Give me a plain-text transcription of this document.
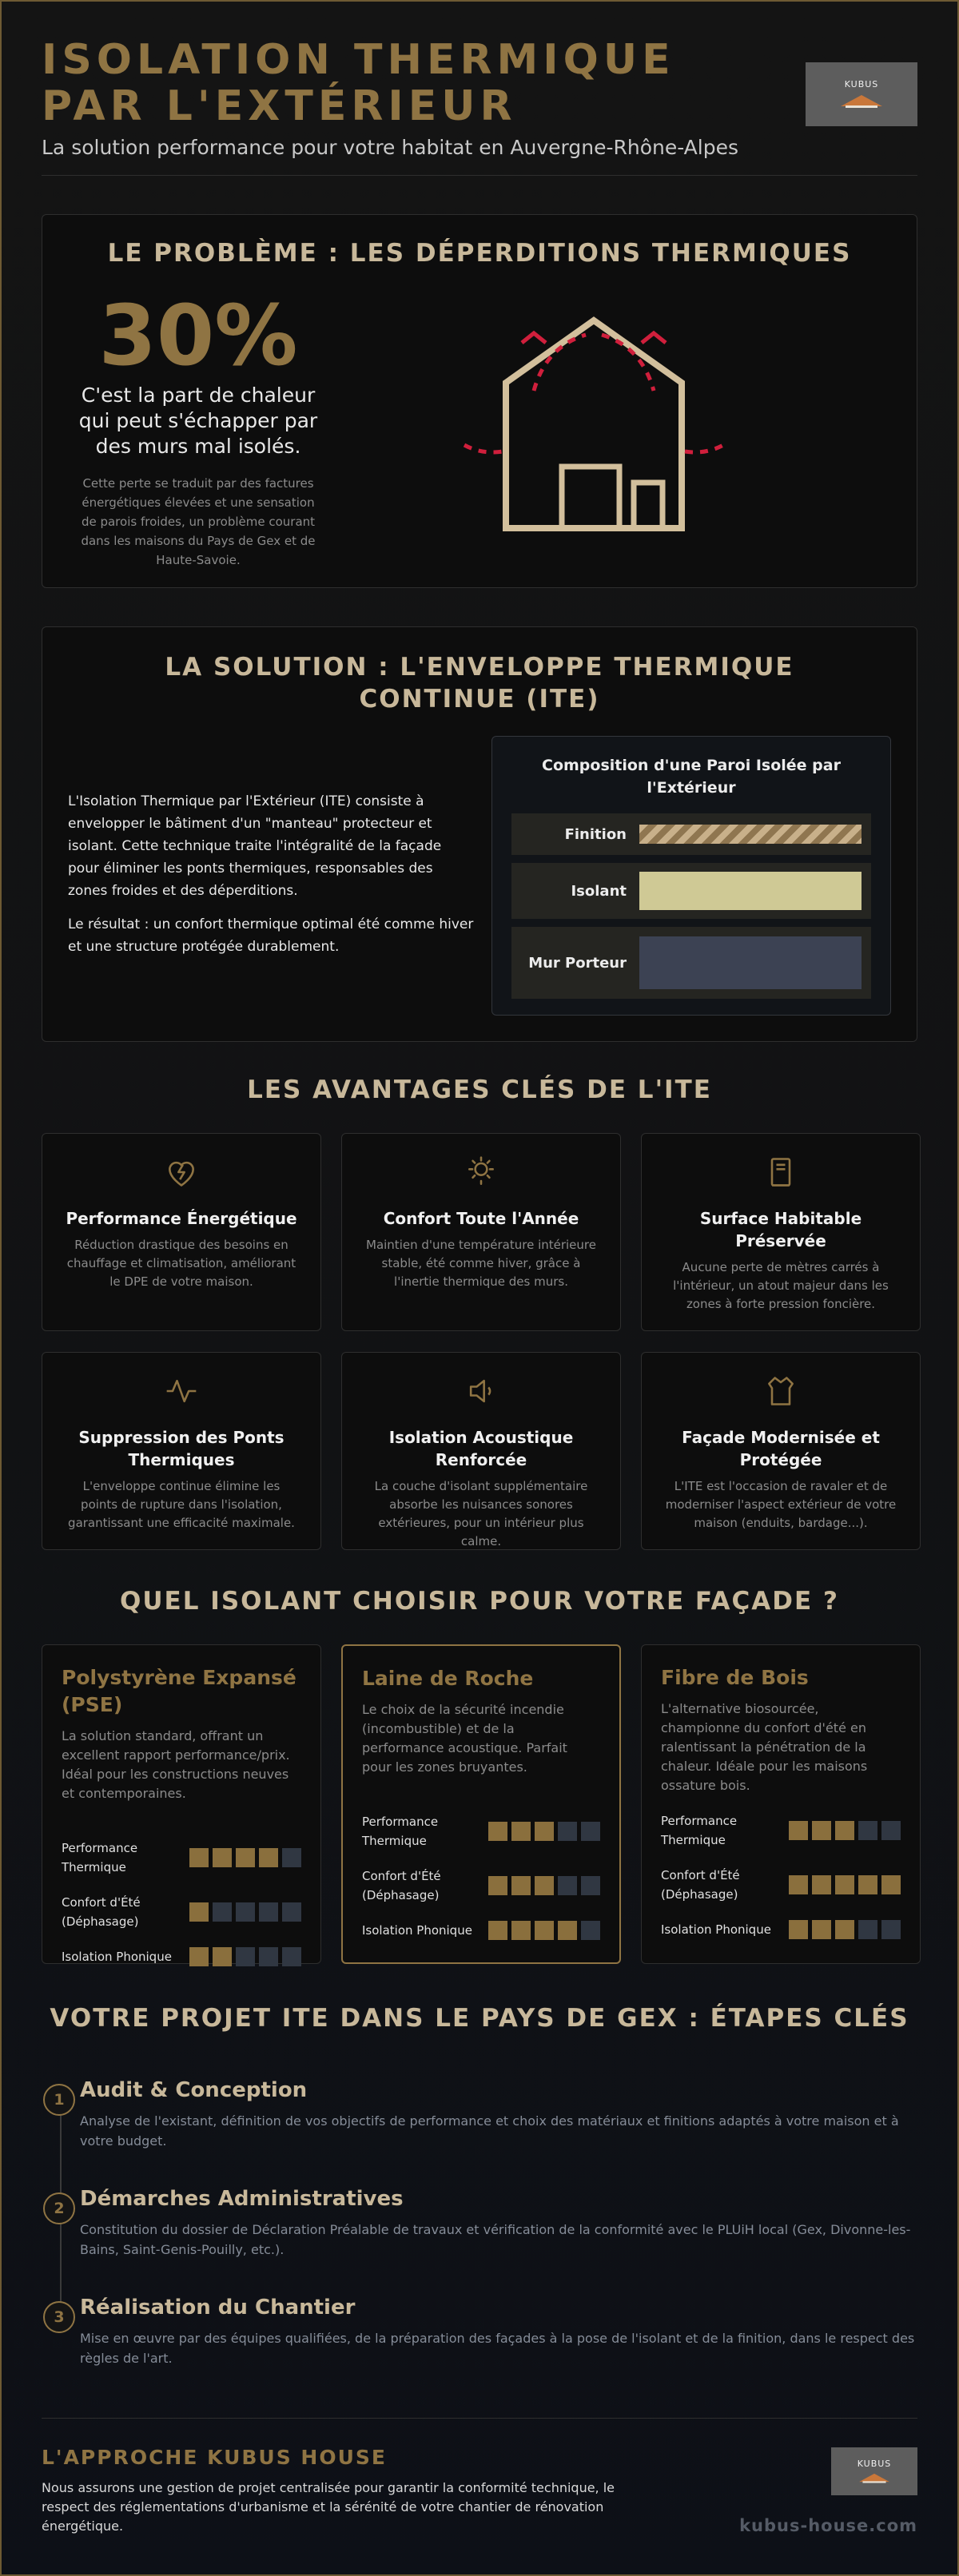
ISOLATION THERMIQUE PAR L'EXTÉRIEUR

La solution performance pour votre habitat en Auvergne-Rhône-Alpes

KUBUS
LE PROBLÈME : LES DÉPERDITIONS THERMIQUES
30%
C'est la part de chaleur qui peut s'échapper par des murs mal isolés.
Cette perte se traduit par des factures énergétiques élevées et une sensation de parois froides, un problème courant dans les maisons du Pays de Gex et de Haute-Savoie.
LA SOLUTION : L'ENVELOPPE THERMIQUE CONTINUE (ITE)

L'Isolation Thermique par l'Extérieur (ITE) consiste à envelopper le bâtiment d'un "manteau" protecteur et isolant. Cette technique traite l'intégralité de la façade pour éliminer les ponts thermiques, responsables des zones froides et des déperditions.

Le résultat : un confort thermique optimal été comme hiver et une structure protégée durablement.

Composition d'une Paroi Isolée par l'Extérieur
Finition
Isolant
Mur Porteur
LES AVANTAGES CLÉS DE L'ITE
Performance Énergétique
Réduction drastique des besoins en chauffage et climatisation, améliorant le DPE de votre maison.
Confort Toute l'Année
Maintien d'une température intérieure stable, été comme hiver, grâce à l'inertie thermique des murs.
Surface Habitable Préservée
Aucune perte de mètres carrés à l'intérieur, un atout majeur dans les zones à forte pression foncière.
Suppression des Ponts Thermiques
L'enveloppe continue élimine les points de rupture dans l'isolation, garantissant une efficacité maximale.
Isolation Acoustique Renforcée
La couche d'isolant supplémentaire absorbe les nuisances sonores extérieures, pour un intérieur plus calme.
Façade Modernisée et Protégée
L'ITE est l'occasion de ravaler et de moderniser l'aspect extérieur de votre maison (enduits, bardage...).
QUEL ISOLANT CHOISIR POUR VOTRE FAÇADE ?
Polystyrène Expansé (PSE)
La solution standard, offrant un excellent rapport performance/prix. Idéal pour les constructions neuves et contemporaines.
Performance Thermique
Confort d'Été (Déphasage)
Isolation Phonique
Laine de Roche
Le choix de la sécurité incendie (incombustible) et de la performance acoustique. Parfait pour les zones bruyantes.
Performance Thermique
Confort d'Été (Déphasage)
Isolation Phonique
Fibre de Bois
L'alternative biosourcée, championne du confort d'été en ralentissant la pénétration de la chaleur. Idéale pour les maisons ossature bois.
Performance Thermique
Confort d'Été (Déphasage)
Isolation Phonique
VOTRE PROJET ITE DANS LE PAYS DE GEX : ÉTAPES CLÉS
1 Audit & Conception
Analyse de l'existant, définition de vos objectifs de performance et choix des matériaux et finitions adaptés à votre maison et à votre budget.
2 Démarches Administratives
Constitution du dossier de Déclaration Préalable de travaux et vérification de la conformité avec le PLUiH local (Gex, Divonne-les-Bains, Saint-Genis-Pouilly, etc.).
3 Réalisation du Chantier
Mise en œuvre par des équipes qualifiées, de la préparation des façades à la pose de l'isolant et de la finition, dans le respect des règles de l'art.
L'APPROCHE KUBUS HOUSE
Nous assurons une gestion de projet centralisée pour garantir la conformité technique, le respect des réglementations d'urbanisme et la sérénité de votre chantier de rénovation énergétique.
KUBUS
kubus-house.com
